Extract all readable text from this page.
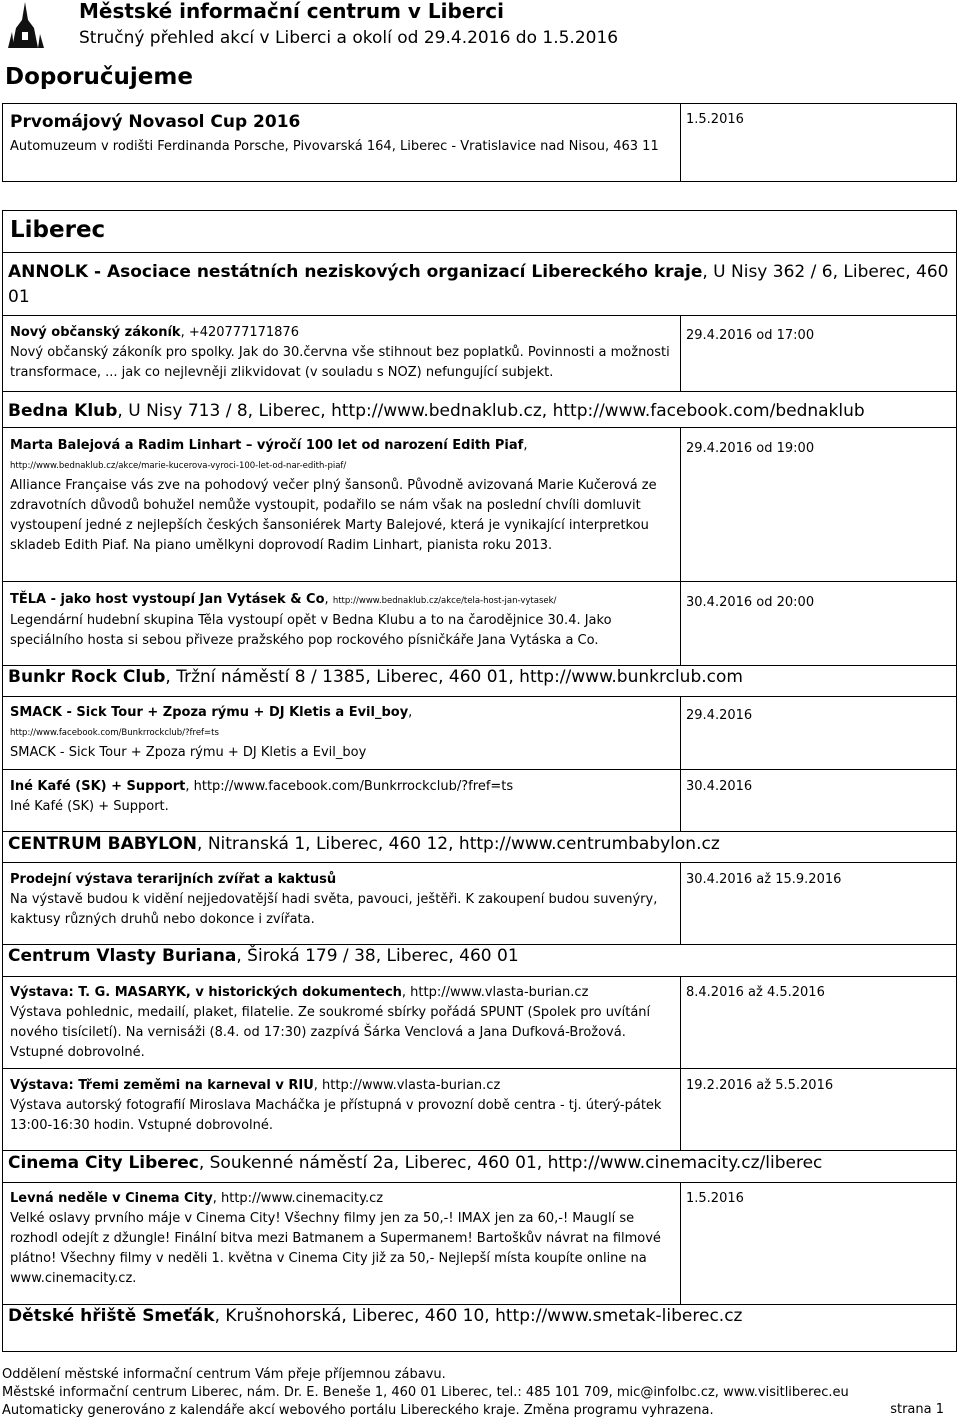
Městské informační centrum v Liberci
Stručný přehled akcí v Liberci a okolí od 29.4.2016 do 1.5.2016
Doporučujeme
Prvomájový Novasol Cup 2016
Automuzeum v rodišti Ferdinanda Porsche, Pivovarská 164, Liberec - Vratislavice nad Nisou, 463 11
1.5.2016
Liberec
ANNOLK - Asociace nestátních neziskových organizací Libereckého kraje, U Nisy 362 / 6, Liberec, 460 01
Nový občanský zákoník, +420777171876
Nový občanský zákoník pro spolky. Jak do 30.června vše stihnout bez poplatků. Povinnosti a možnosti transformace, ... jak co nejlevněji zlikvidovat (v souladu s NOZ) nefungující subjekt.
29.4.2016 od 17:00
Bedna Klub, U Nisy 713 / 8, Liberec, http://www.bednaklub.cz, http://www.facebook.com/bednaklub
Marta Balejová a Radim Linhart – výročí 100 let od narození Edith Piaf,
http://www.bednaklub.cz/akce/marie-kucerova-vyroci-100-let-od-nar-edith-piaf/
Alliance Française vás zve na pohodový večer plný šansonů. Původně avizovaná Marie Kučerová ze zdravotních důvodů bohužel nemůže vystoupit, podařilo se nám však na poslední chvíli domluvit vystoupení jedné z nejlepších českých šansoniérek Marty Balejové, která je vynikající interpretkou skladeb Edith Piaf. Na piano umělkyni doprovodí Radim Linhart, pianista roku 2013.
29.4.2016 od 19:00
TĚLA - jako host vystoupí Jan Vytásek & Co, http://www.bednaklub.cz/akce/tela-host-jan-vytasek/
Legendární hudební skupina Těla vystoupí opět v Bedna Klubu a to na čarodějnice 30.4. Jako speciálního hosta si sebou přiveze pražského pop rockového písničkáře Jana Vytáska a Co.
30.4.2016 od 20:00
Bunkr Rock Club, Tržní náměstí 8 / 1385, Liberec, 460 01, http://www.bunkrclub.com
SMACK - Sick Tour + Zpoza rýmu + DJ Kletis a Evil_boy,
http://www.facebook.com/Bunkrrockclub/?fref=ts
SMACK - Sick Tour + Zpoza rýmu + DJ Kletis a Evil_boy
29.4.2016
Iné Kafé (SK) + Support, http://www.facebook.com/Bunkrrockclub/?fref=ts
Iné Kafé (SK) + Support.
30.4.2016
CENTRUM BABYLON, Nitranská 1, Liberec, 460 12, http://www.centrumbabylon.cz
Prodejní výstava terarijních zvířat a kaktusů
Na výstavě budou k vidění nejjedovatější hadi světa, pavouci, ještěři. K zakoupení budou suvenýry, kaktusy různých druhů nebo dokonce i zvířata.
30.4.2016 až 15.9.2016
Centrum Vlasty Buriana, Široká 179 / 38, Liberec, 460 01
Výstava: T. G. MASARYK, v historických dokumentech, http://www.vlasta-burian.cz
Výstava pohlednic, medailí, plaket, filatelie. Ze soukromé sbírky pořádá SPUNT (Spolek pro uvítání nového tisíciletí). Na vernisáži (8.4. od 17:30) zazpívá Šárka Venclová a Jana Dufková-Brožová. Vstupné dobrovolné.
8.4.2016 až 4.5.2016
Výstava: Třemi zeměmi na karneval v RIU, http://www.vlasta-burian.cz
Výstava autorský fotografií Miroslava Macháčka je přístupná v provozní době centra - tj. úterý-pátek 13:00-16:30 hodin. Vstupné dobrovolné.
19.2.2016 až 5.5.2016
Cinema City Liberec, Soukenné náměstí 2a, Liberec, 460 01, http://www.cinemacity.cz/liberec
Levná neděle v Cinema City, http://www.cinemacity.cz
Velké oslavy prvního máje v Cinema City! Všechny filmy jen za 50,-! IMAX jen za 60,-! Mauglí se rozhodl odejít z džungle! Finální bitva mezi Batmanem a Supermanem! Bartoškův návrat na filmové plátno! Všechny filmy v neděli 1. května v Cinema City již za 50,- Nejlepší místa koupíte online na www.cinemacity.cz.
1.5.2016
Dětské hřiště Smeťák, Krušnohorská, Liberec, 460 10, http://www.smetak-liberec.cz
Oddělení městské informační centrum Vám přeje příjemnou zábavu.
Městské informační centrum Liberec, nám. Dr. E. Beneše 1, 460 01 Liberec, tel.: 485 101 709, mic@infolbc.cz, www.visitliberec.eu
Automaticky generováno z kalendáře akcí webového portálu Libereckého kraje. Změna programu vyhrazena.	strana 1
